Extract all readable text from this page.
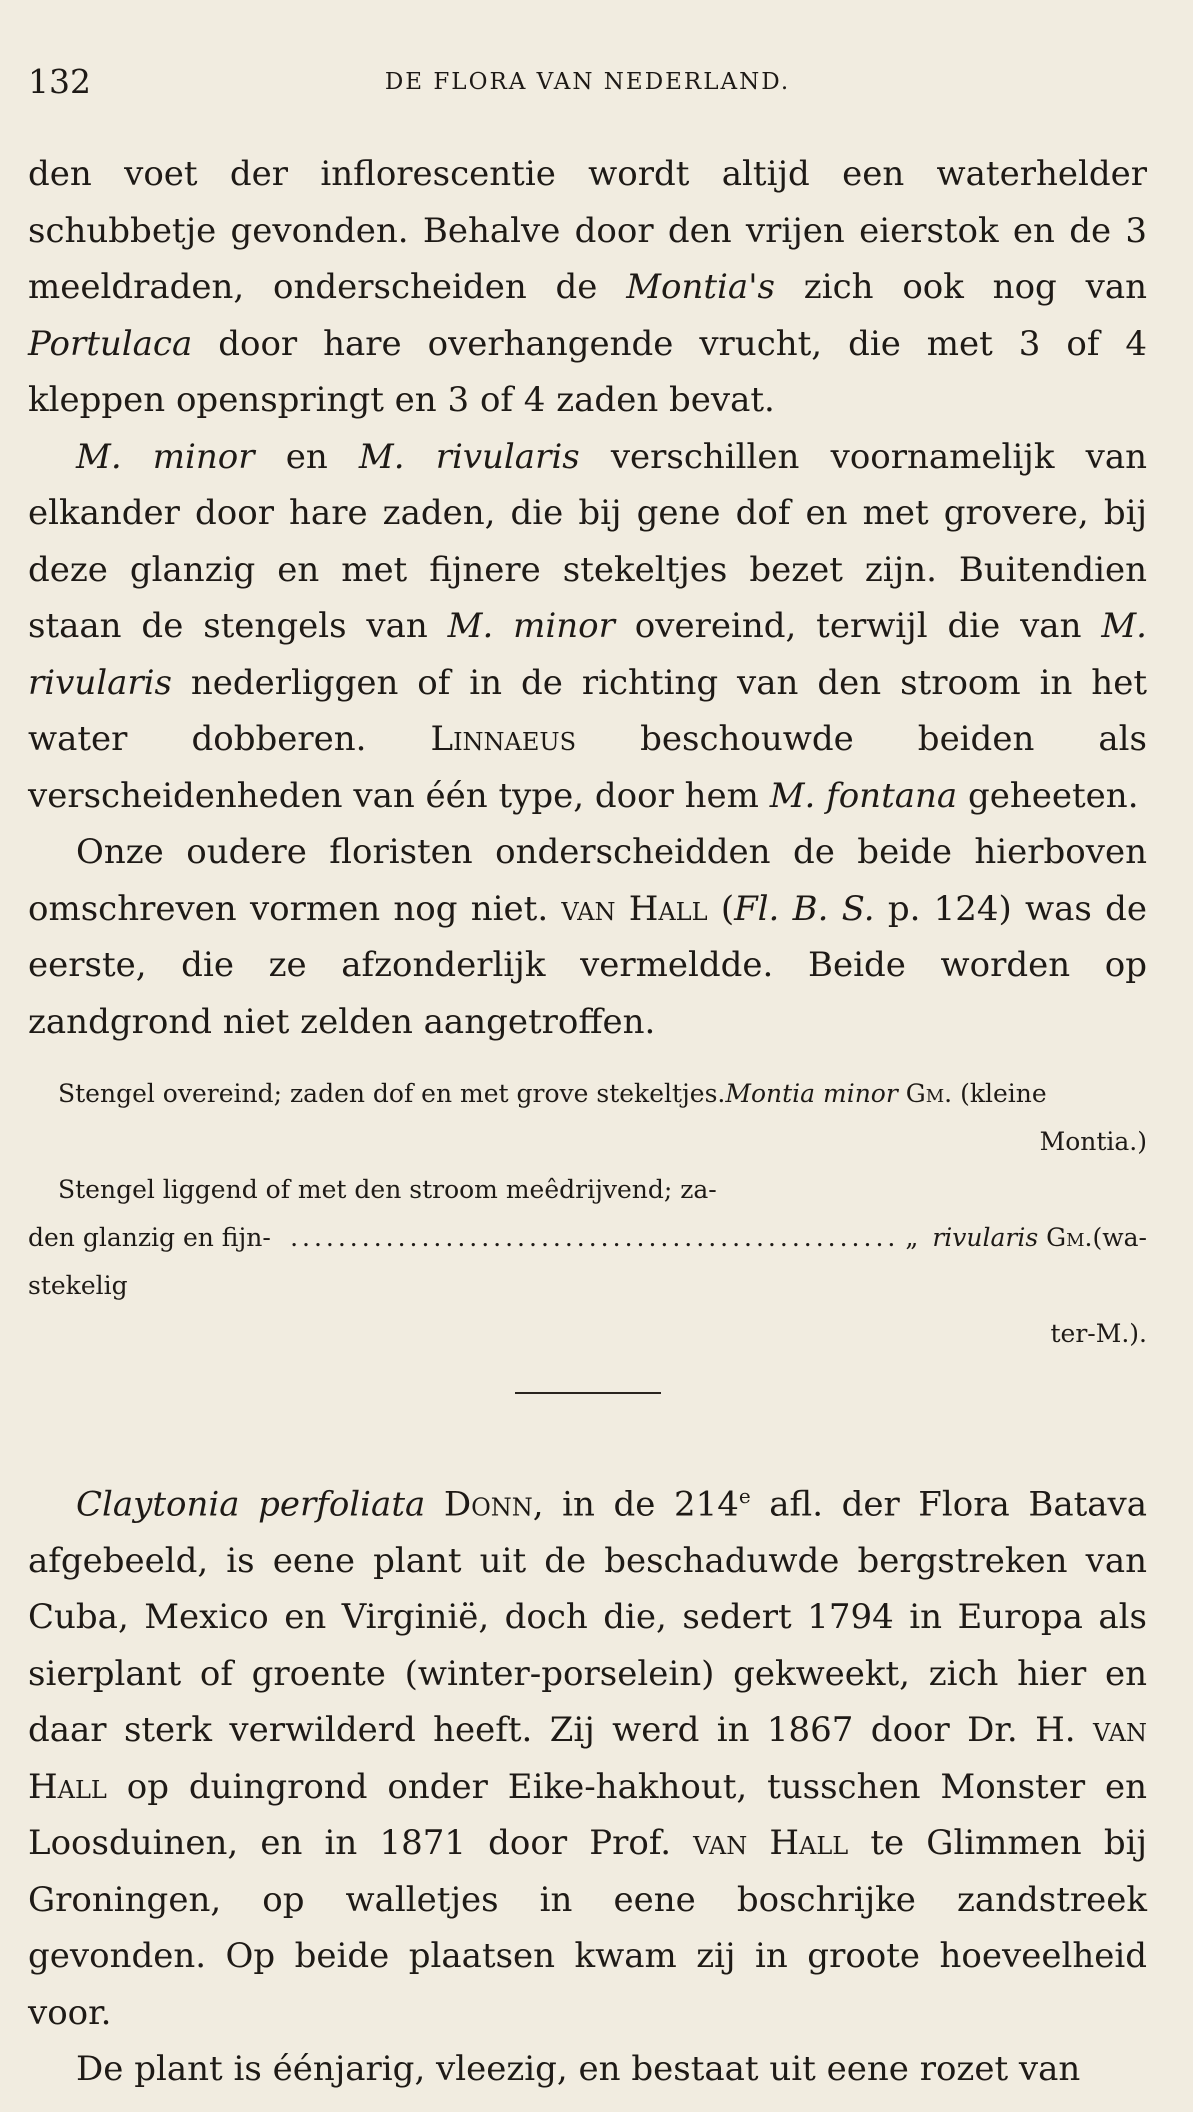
132	DE FLORA VAN NEDERLAND.

den voet der inflorescentie wordt altijd een waterhelder schubbetje gevonden. Behalve door den vrijen eierstok en de 3 meeldraden, onderscheiden de Montia's zich ook nog van Portulaca door hare overhangende vrucht, die met 3 of 4 kleppen openspringt en 3 of 4 zaden bevat.

M. minor en M. rivularis verschillen voornamelijk van elkander door hare zaden, die bij gene dof en met grovere, bij deze glanzig en met fijnere stekeltjes bezet zijn. Buitendien staan de stengels van M. minor overeind, terwijl die van M. rivularis nederliggen of in de richting van den stroom in het water dobberen. Linnaeus beschouwde beiden als verscheidenheden van één type, door hem M. fontana geheeten.

Onze oudere floristen onderscheidden de beide hierboven omschreven vormen nog niet. van Hall (Fl. B. S. p. 124) was de eerste, die ze afzonderlijk vermeldde. Beide worden op zandgrond niet zelden aangetroffen.

Stengel overeind; zaden dof en met grove stekeltjes.Montia minor Gm. (kleine
Montia.)
Stengel liggend of met den stroom meêdrijvend; za-
den glanzig en fijn-stekelig
................................................... „ rivularis
Gm. (wa-
ter-M.).

Claytonia perfoliata Donn, in de 214e afl. der Flora Batava afgebeeld, is eene plant uit de beschaduwde bergstreken van Cuba, Mexico en Virginië, doch die, sedert 1794 in Europa als sierplant of groente (winter-porselein) gekweekt, zich hier en daar sterk verwilderd heeft. Zij werd in 1867 door Dr. H. van Hall op duingrond onder Eike-hakhout, tusschen Monster en Loosduinen, en in 1871 door Prof. van Hall te Glimmen bij Groningen, op walletjes in eene boschrijke zandstreek gevonden. Op beide plaatsen kwam zij in groote hoeveelheid voor.

De plant is éénjarig, vleezig, en bestaat uit eene rozet van
